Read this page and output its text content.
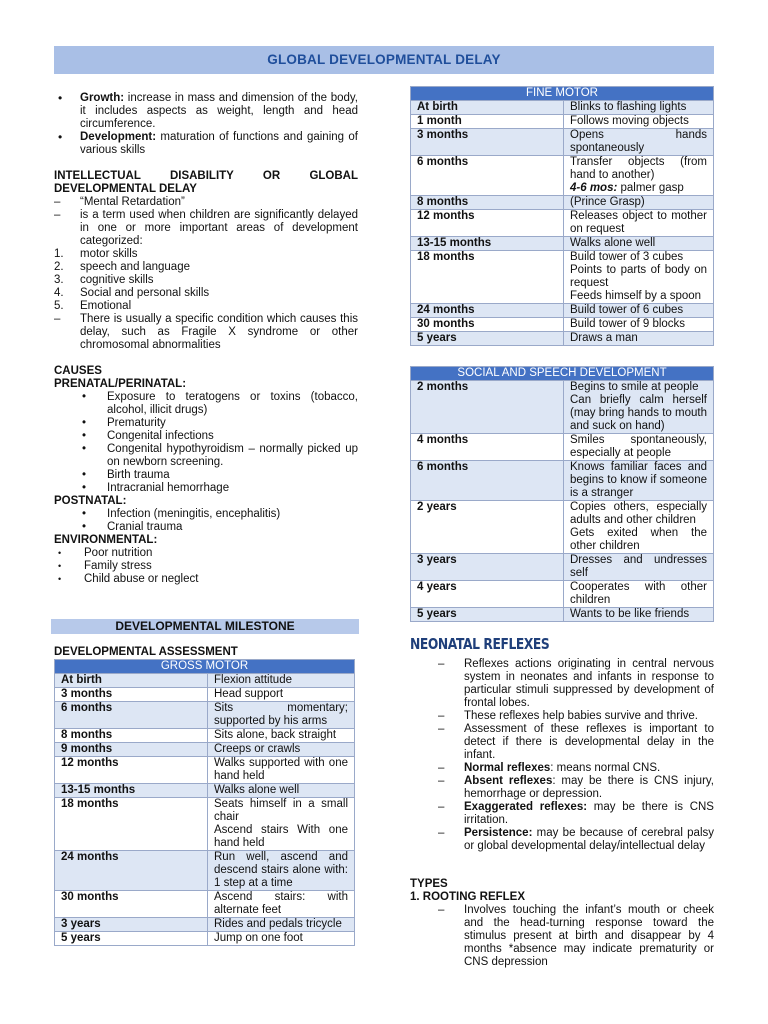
GLOBAL DEVELOPMENTAL DELAY
• Growth: increase in mass and dimension of the body, it includes aspects as weight, length and head circumference.
• Development: maturation of functions and gaining of various skills

INTELLECTUAL DISABILITY OR GLOBAL DEVELOPMENTAL DELAY

– “Mental Retardation”
– is a term used when children are significantly delayed in one or more important areas of development categorized:
1. motor skills
2. speech and language
3. cognitive skills
4. Social and personal skills
5. Emotional
– There is usually a specific condition which causes this delay, such as Fragile X syndrome or other chromosomal abnormalities

CAUSES

PRENATAL/PERINATAL:

• Exposure to teratogens or toxins (tobacco, alcohol, illicit drugs)
• Prematurity
• Congenital infections
• Congenital hypothyroidism – normally picked up on newborn screening.
• Birth trauma
• Intracranial hemorrhage

POSTNATAL:

• Infection (meningitis, encephalitis)
• Cranial trauma

ENVIRONMENTAL:

• Poor nutrition
• Family stress
• Child abuse or neglect
DEVELOPMENTAL MILESTONE

DEVELOPMENTAL ASSESSMENT

GROSS MOTOR	
At birth	Flexion attitude
3 months	Head support
6 months	Sits momentary; supported by his arms
8 months	Sits alone, back straight
9 months	Creeps or crawls
12 months	Walks supported with one hand held
13-15 months	Walks alone well
18 months	Seats himself in a small chair
Ascend stairs With one hand held

24 months	Run well, ascend and descend stairs alone with: 1 step at a time
30 months	Ascend stairs: with alternate feet
3 years	Rides and pedals tricycle
5 years	Jump on one foot
FINE MOTOR	
At birth	Blinks to flashing lights
1 month	Follows moving objects
3 months	Opens hands spontaneously
6 months	Transfer objects (from hand to another)
4-6 mos: palmer gasp

8 months	(Prince Grasp)
12 months	Releases object to mother on request
13-15 months	Walks alone well
18 months	Build tower of 3 cubes
Points to parts of body on request
Feeds himself by a spoon

24 months	Build tower of 6 cubes
30 months	Build tower of 9 blocks
5 years	Draws a man
SOCIAL AND SPEECH DEVELOPMENT	
2 months	Begins to smile at people
Can briefly calm herself (may bring hands to mouth and suck on hand)

4 months	Smiles spontaneously, especially at people
6 months	Knows familiar faces and begins to know if someone is a stranger
2 years	Copies others, especially adults and other children
Gets exited when the other children

3 years	Dresses and undresses self
4 years	Cooperates with other children
5 years	Wants to be like friends
NEONATAL REFLEXES
– Reflexes actions originating in central nervous system in neonates and infants in response to particular stimuli suppressed by development of frontal lobes.
– These reflexes help babies survive and thrive.
– Assessment of these reflexes is important to detect if there is developmental delay in the infant.
– Normal reflexes: means normal CNS.
– Absent reflexes: may be there is CNS injury, hemorrhage or depression.
– Exaggerated reflexes: may be there is CNS irritation.
– Persistence: may be because of cerebral palsy or global developmental delay/intellectual delay

TYPES

1. ROOTING REFLEX

– Involves touching the infant’s mouth or cheek and the head-turning response toward the stimulus present at birth and disappear by 4 months *absence may indicate prematurity or CNS depression
